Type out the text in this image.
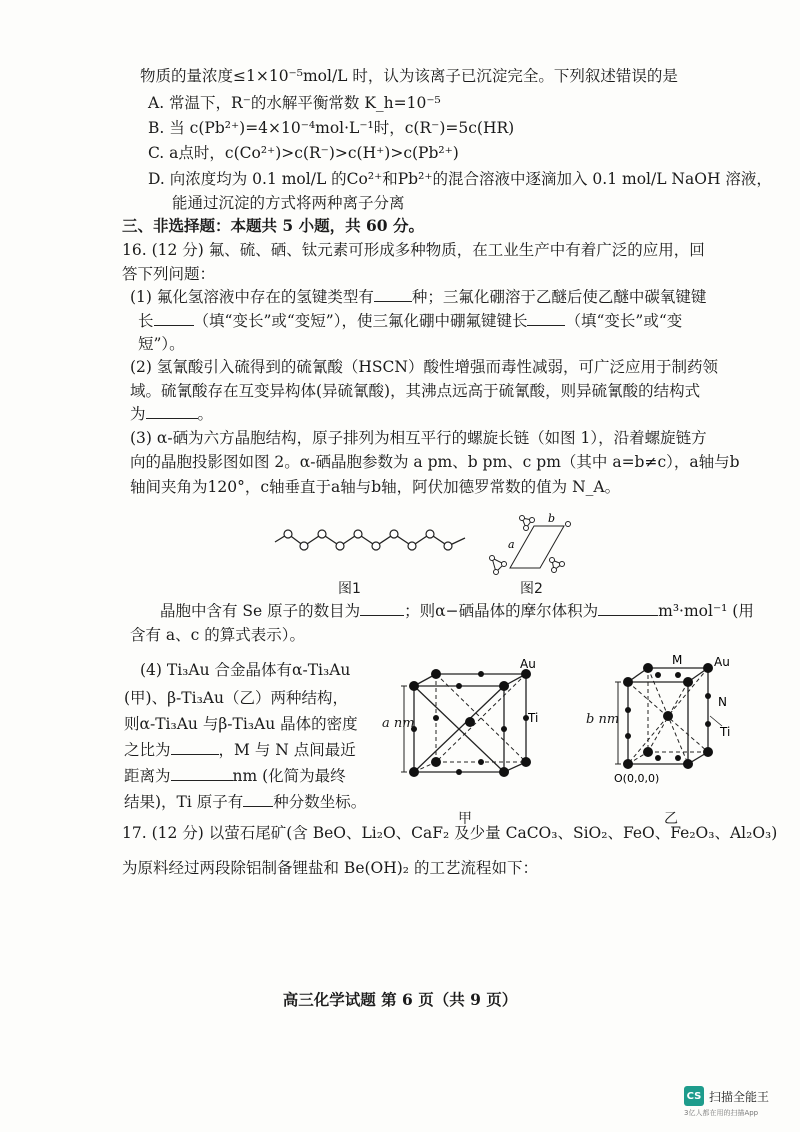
物质的量浓度≤1×10⁻⁵mol/L 时，认为该离子已沉淀完全。下列叙述错误的是
A. 常温下，R⁻的水解平衡常数 K_h=10⁻⁵
B. 当 c(Pb²⁺)=4×10⁻⁴mol·L⁻¹时，c(R⁻)=5c(HR)
C. a点时，c(Co²⁺)>c(R⁻)>c(H⁺)>c(Pb²⁺)
D. 向浓度均为 0.1 mol/L 的Co²⁺和Pb²⁺的混合溶液中逐滴加入 0.1 mol/L NaOH 溶液，
能通过沉淀的方式将两种离子分离
三、非选择题：本题共 5 小题，共 60 分。
16. (12 分) 氟、硫、硒、钛元素可形成多种物质，在工业生产中有着广泛的应用，回
答下列问题：
(1) 氟化氢溶液中存在的氢键类型有 种；三氟化硼溶于乙醚后使乙醚中碳氧键键
长	（填“变长”或“变短”），使三氟化硼中硼氟键键长 （填“变长”或“变
短”）。
(2) 氢氰酸引入硫得到的硫氰酸（HSCN）酸性增强而毒性减弱，可广泛应用于制药领
域。硫氰酸存在互变异构体(异硫氰酸)，其沸点远高于硫氰酸，则异硫氰酸的结构式
为	。
(3) α-硒为六方晶胞结构，原子排列为相互平行的螺旋长链（如图 1），沿着螺旋链方
向的晶胞投影图如图 2。α-硒晶胞参数为 a pm、b pm、c pm（其中 a=b≠c），a轴与b
轴间夹角为120°，c轴垂直于a轴与b轴，阿伏加德罗常数的值为 N_A。
图1
b
a
图2
晶胞中含有 Se 原子的数目为	；则α−硒晶体的摩尔体积为	m³·mol⁻¹ (用
含有 a、c 的算式表示）。
(4) Ti₃Au 合金晶体有α-Ti₃Au
(甲)、β-Ti₃Au（乙）两种结构，
则α-Ti₃Au 与β-Ti₃Au 晶体的密度
之比为	，M 与 N 点间最近
距离为	nm (化简为最终
结果)，Ti 原子有 种分数坐标。
Au
Ti
a nm
甲
M	Au
N
Ti
O(0,0,0)
b nm
乙
17. (12 分) 以萤石尾矿(含 BeO、Li₂O、CaF₂ 及少量 CaCO₃、SiO₂、FeO、Fe₂O₃、Al₂O₃)
为原料经过两段除铝制备锂盐和 Be(OH)₂ 的工艺流程如下：
高三化学试题 第 6 页（共 9 页）
CS 扫描全能王
3亿人都在用的扫描App
